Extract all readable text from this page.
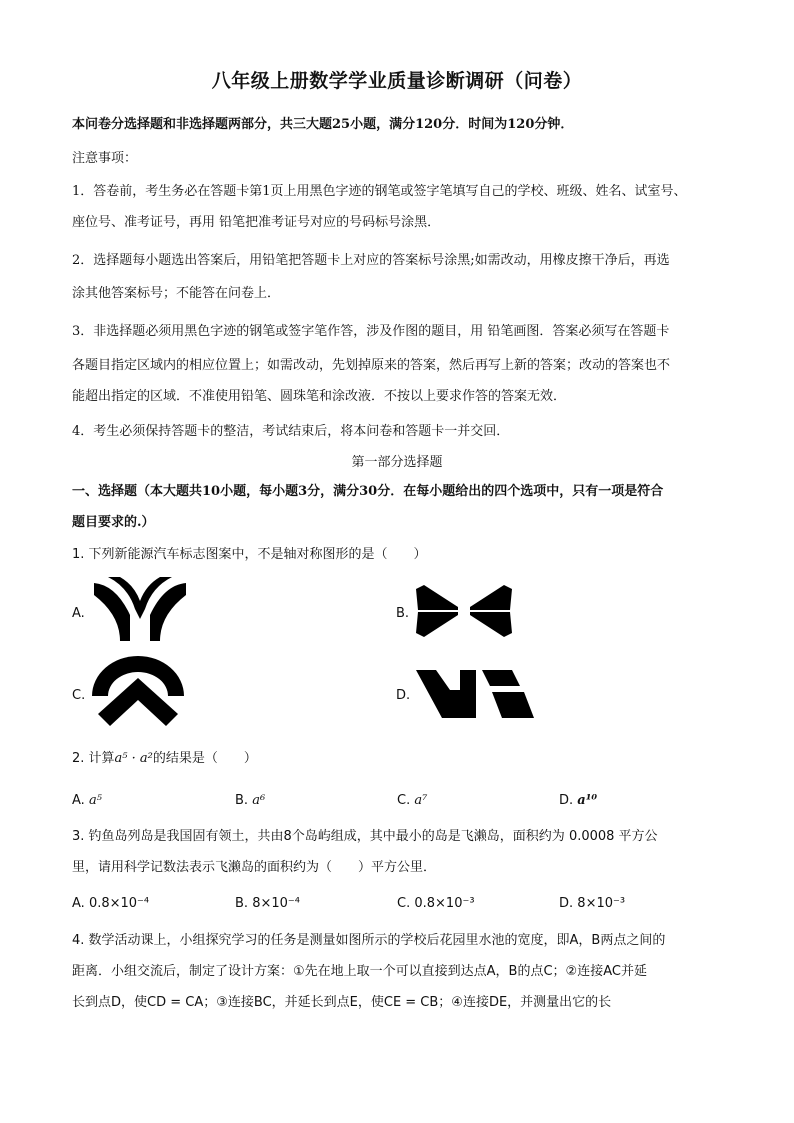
八年级上册数学学业质量诊断调研（问卷）
本问卷分选择题和非选择题两部分，共三大题25小题，满分120分．时间为120分钟．
注意事项：
1．答卷前，考生务必在答题卡第1页上用黑色字迹的钢笔或签字笔填写自己的学校、班级、姓名、试室号、
座位号、准考证号，再用 铅笔把准考证号对应的号码标号涂黑．
2．选择题每小题选出答案后，用铅笔把答题卡上对应的答案标号涂黑;如需改动，用橡皮擦干净后，再选
涂其他答案标号；不能答在问卷上．
3．非选择题必须用黑色字迹的钢笔或签字笔作答，涉及作图的题目，用 铅笔画图．答案必须写在答题卡
各题目指定区域内的相应位置上；如需改动，先划掉原来的答案，然后再写上新的答案；改动的答案也不
能超出指定的区域．不准使用铅笔、圆珠笔和涂改液．不按以上要求作答的答案无效．
4．考生必须保持答题卡的整洁，考试结束后，将本问卷和答题卡一并交回．
第一部分选择题
一、选择题（本大题共10小题，每小题3分，满分30分．在每小题给出的四个选项中，只有一项是符合
题目要求的.）
1. 下列新能源汽车标志图案中，不是轴对称图形的是（　　）
A.	B.
C.	D.
2. 计算a⁵ · a²的结果是（　　）
A. a⁵	B. a⁶	C. a⁷	D. a¹⁰
3. 钓鱼岛列岛是我国固有领土，共由8个岛屿组成，其中最小的岛是飞濑岛，面积约为 0.0008 平方公
里，请用科学记数法表示飞濑岛的面积约为（　　）平方公里．
A. 0.8×10⁻⁴	B. 8×10⁻⁴	C. 0.8×10⁻³	D. 8×10⁻³
4. 数学活动课上，小组探究学习的任务是测量如图所示的学校后花园里水池的宽度，即A，B两点之间的
距离．小组交流后，制定了设计方案：①先在地上取一个可以直接到达点A，B的点C；②连接AC并延
长到点D，使CD = CA；③连接BC，并延长到点E，使CE = CB；④连接DE，并测量出它的长
